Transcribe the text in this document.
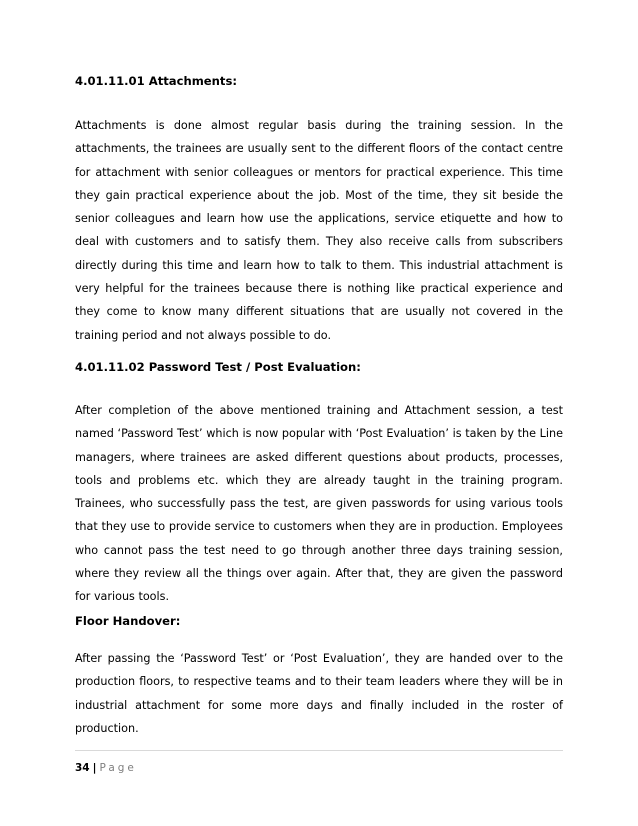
4.01.11.01 Attachments:

Attachments is done almost regular basis during the training session. In the attachments, the trainees are usually sent to the different floors of the contact centre for attachment with senior colleagues or mentors for practical experience. This time they gain practical experience about the job. Most of the time, they sit beside the senior colleagues and learn how use the applications, service etiquette and how to deal with customers and to satisfy them. They also receive calls from subscribers directly during this time and learn how to talk to them. This industrial attachment is very helpful for the trainees because there is nothing like practical experience and they come to know many different situations that are usually not covered in the training period and not always possible to do.

4.01.11.02 Password Test / Post Evaluation:

After completion of the above mentioned training and Attachment session, a test named ‘Password Test’ which is now popular with ‘Post Evaluation’ is taken by the Line managers, where trainees are asked different questions about products, processes, tools and problems etc. which they are already taught in the training program. Trainees, who successfully pass the test, are given passwords for using various tools that they use to provide service to customers when they are in production. Employees who cannot pass the test need to go through another three days training session, where they review all the things over again. After that, they are given the password for various tools.

Floor Handover:

After passing the ‘Password Test’ or ‘Post Evaluation’, they are handed over to the production floors, to respective teams and to their team leaders where they will be in industrial attachment for some more days and finally included in the roster of production.

34 | Page
